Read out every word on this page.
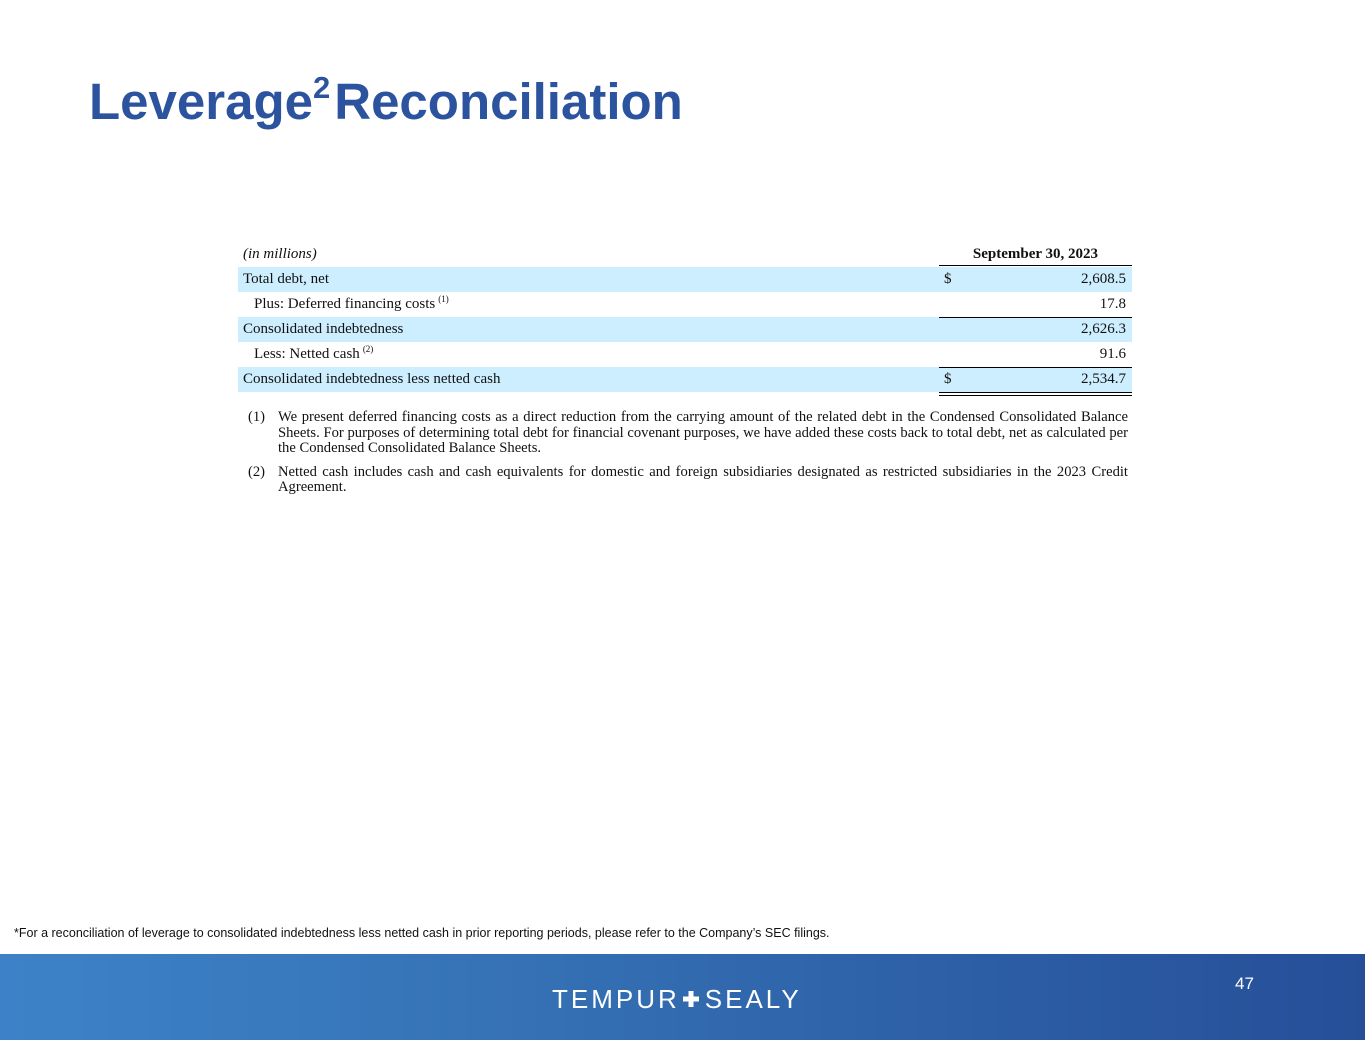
Leverage$^2$Reconciliation
(in millions)	September 30, 2023
Total debt, net	$	2,608.5
Plus: Deferred financing costs $^{(1)}$	17.8
Consolidated indebtedness	2,626.3
Less: Netted cash $^{(2)}$	91.6
Consolidated indebtedness less netted cash	$	2,534.7
(1) We present deferred financing costs as a direct reduction from the carrying amount of the related debt in the Condensed Consolidated Balance Sheets. For purposes of determining total debt for financial covenant purposes, we have added these costs back to total debt, net as calculated per the Condensed Consolidated Balance Sheets.
(2) Netted cash includes cash and cash equivalents for domestic and foreign subsidiaries designated as restricted subsidiaries in the 2023 Credit Agreement.

*For a reconciliation of leverage to consolidated indebtedness less netted cash in prior reporting periods, please refer to the Company’s SEC filings.

TEMPUR SEALY
47
